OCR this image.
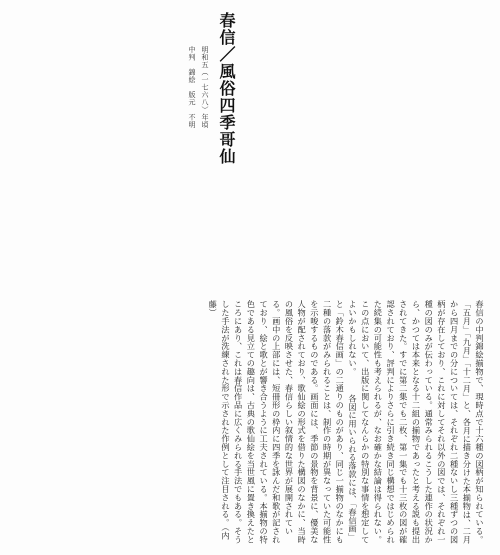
春信／風俗四季哥仙
明和五（一七六八）年頃
中判　錦絵　版元　不明
春信の中判錦絵揃物で、現時点で十六種の図柄が知られている。「五月」「九月」「十二月」と、各月に描き分けた本揃物は、二月から四月までの分については、それぞれ二種ないし三種ずつの図柄が存在しており、これに対してそれ以外の図では、それぞれ一種の図のみが伝わっている。通常みられるこうした連作の状況から、かつては本来となる十二組の揃物であったと考える説も提出されてきた。すでに第二集でも二枚、第一集でも十三枚の図が確認されており、評判によりさらに引き続き同じ構想ではじめられた続集の可能性も考えられるが、なお確かな結論は得られない。この点において、出版に関してなんらかの特別な事情を想定してよいかもしれない。 　各図に用いられる落款には、「春信画」と「鈴木春信画」の二通りのものがあり、同じ一揃物のなかにも二種の落款がみられることは、制作の時期が異なっていた可能性を示唆するものである。画面には、季節の景物を背景に、優美な人物が配されており、歌仙絵の形式を借りた構図のなかに、当時の風俗を反映させた、春信らしい叙情的な世界が展開されている。画中の上部には、短冊形の枠内に四季を詠んだ和歌が記されており、絵と歌とが響き合うように工夫されている。本揃物の特色である見立ての趣向は、古典の歌仙絵を当世風に置き換えたところにあり、これは春信作品に広くみられる手法でもある。そうした手法が洗練された形で示された作例として注目される。（内藤）
